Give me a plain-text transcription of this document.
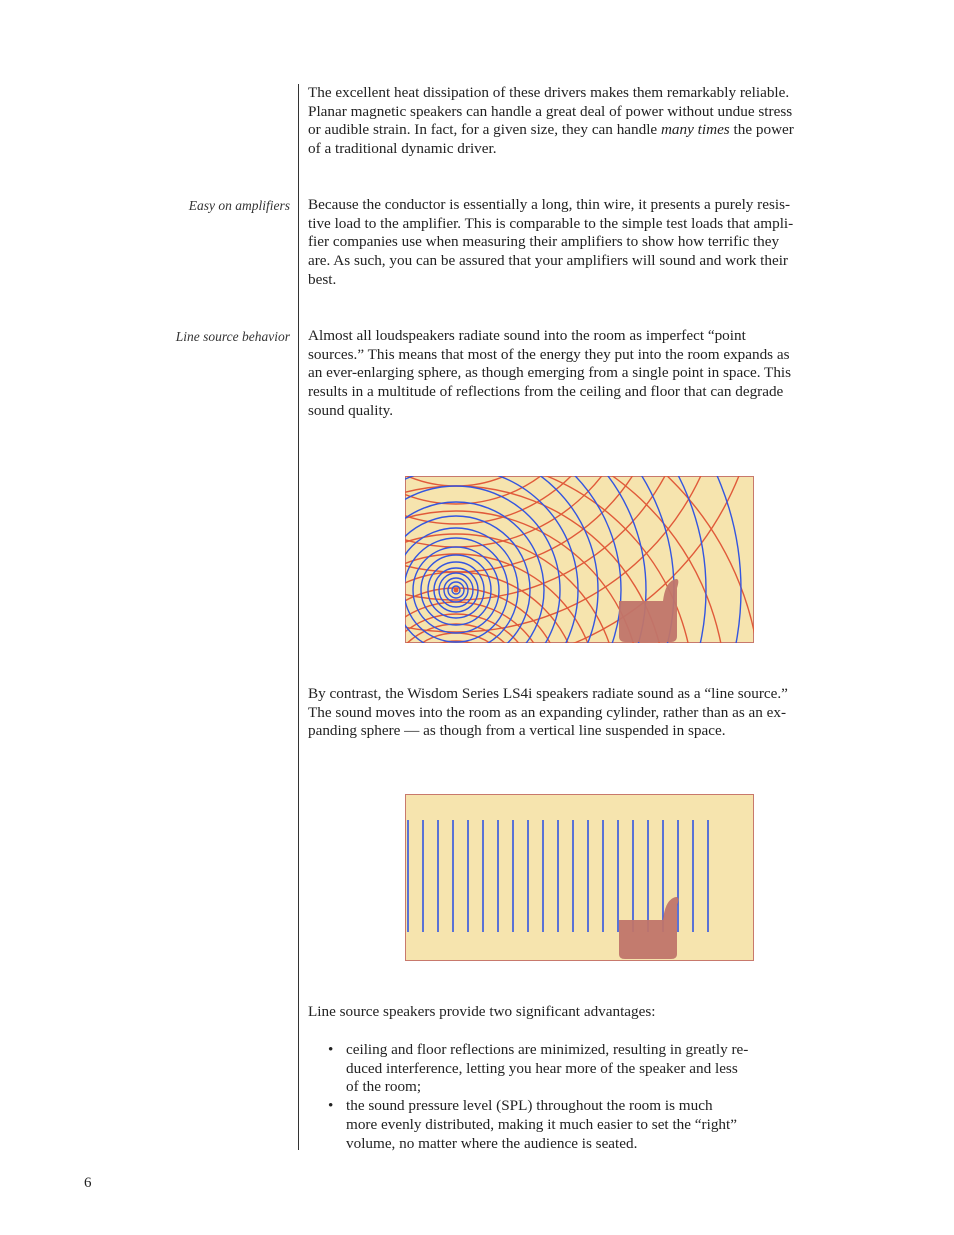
The excellent heat dissipation of these drivers makes them remarkably reliable.
Planar magnetic speakers can handle a great deal of power without undue stress
or audible strain. In fact, for a given size, they can handle many times the power
of a traditional dynamic driver.

Easy on amplifiers Because the conductor is essentially a long, thin wire, it presents a purely resis-
tive load to the amplifier. This is comparable to the simple test loads that ampli-
fier companies use when measuring their amplifiers to show how terrific they
are. As such, you can be assured that your amplifiers will sound and work their
best.

Line source behavior Almost all loudspeakers radiate sound into the room as imperfect “point
sources.” This means that most of the energy they put into the room expands as
an ever-enlarging sphere, as though emerging from a single point in space. This
results in a multitude of reflections from the ceiling and floor that can degrade
sound quality.

By contrast, the Wisdom Series LS4i speakers radiate sound as a “line source.”
The sound moves into the room as an expanding cylinder, rather than as an ex-
panding sphere — as though from a vertical line suspended in space.

Line source speakers provide two significant advantages:

• ceiling and floor reflections are minimized, resulting in greatly re-
duced interference, letting you hear more of the speaker and less
of the room;
• the sound pressure level (SPL) throughout the room is much
more evenly distributed, making it much easier to set the “right”
volume, no matter where the audience is seated.
6
